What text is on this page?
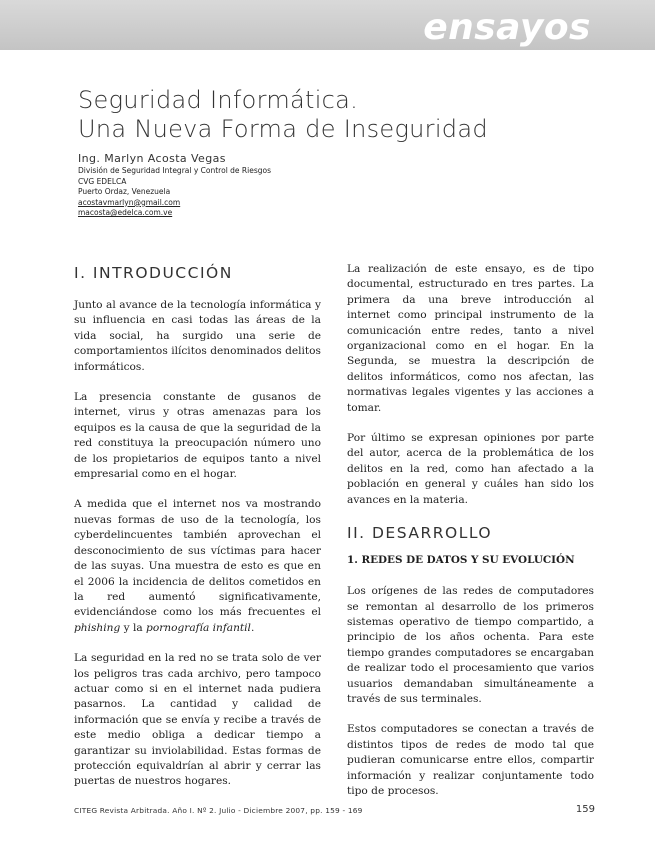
ensayos
Seguridad Informática.
Una Nueva Forma de Inseguridad
Ing. Marlyn Acosta Vegas
División de Seguridad Integral y Control de Riesgos
CVG EDELCA
Puerto Ordaz, Venezuela
acostavmarlyn@gmail.com
macosta@edelca.com.ve
I. INTRODUCCIÓN

Junto al avance de la tecnología informática y su influencia en casi todas las áreas de la vida social, ha surgido una serie de comportamientos ilícitos denominados delitos informáticos.

La presencia constante de gusanos de internet, virus y otras amenazas para los equipos es la causa de que la seguridad de la red constituya la preocupación número uno de los propietarios de equipos tanto a nivel empresarial como en el hogar.

A medida que el internet nos va mostrando nuevas formas de uso de la tecnología, los cyberdelincuentes también aprovechan el desconocimiento de sus víctimas para hacer de las suyas. Una muestra de esto es que en el 2006 la incidencia de delitos cometidos en la red aumentó significativamente, evidenciándose como los más frecuentes el phishing y la pornografía infantil.

La seguridad en la red no se trata solo de ver los peligros tras cada archivo, pero tampoco actuar como si en el internet nada pudiera pasarnos. La cantidad y calidad de información que se envía y recibe a través de este medio obliga a dedicar tiempo a garantizar su inviolabilidad. Estas formas de protección equivaldrían al abrir y cerrar las puertas de nuestros hogares.

La realización de este ensayo, es de tipo documental, estructurado en tres partes. La primera da una breve introducción al internet como principal instrumento de la comunicación entre redes, tanto a nivel organizacional como en el hogar. En la Segunda, se muestra la descripción de delitos informáticos, como nos afectan, las normativas legales vigentes y las acciones a tomar.

Por último se expresan opiniones por parte del autor, acerca de la problemática de los delitos en la red, como han afectado a la población en general y cuáles han sido los avances en la materia.

II. DESARROLLO
1. REDES DE DATOS Y SU EVOLUCIÓN

Los orígenes de las redes de computadores se remontan al desarrollo de los primeros sistemas operativo de tiempo compartido, a principio de los años ochenta. Para este tiempo grandes computadores se encargaban de realizar todo el procesamiento que varios usuarios demandaban simultáneamente a través de sus terminales.

Estos computadores se conectan a través de distintos tipos de redes de modo tal que pudieran comunicarse entre ellos, compartir información y realizar conjuntamente todo tipo de procesos.

CITEG Revista Arbitrada. Año I. Nº 2. Julio - Diciembre 2007, pp. 159 - 169	159
